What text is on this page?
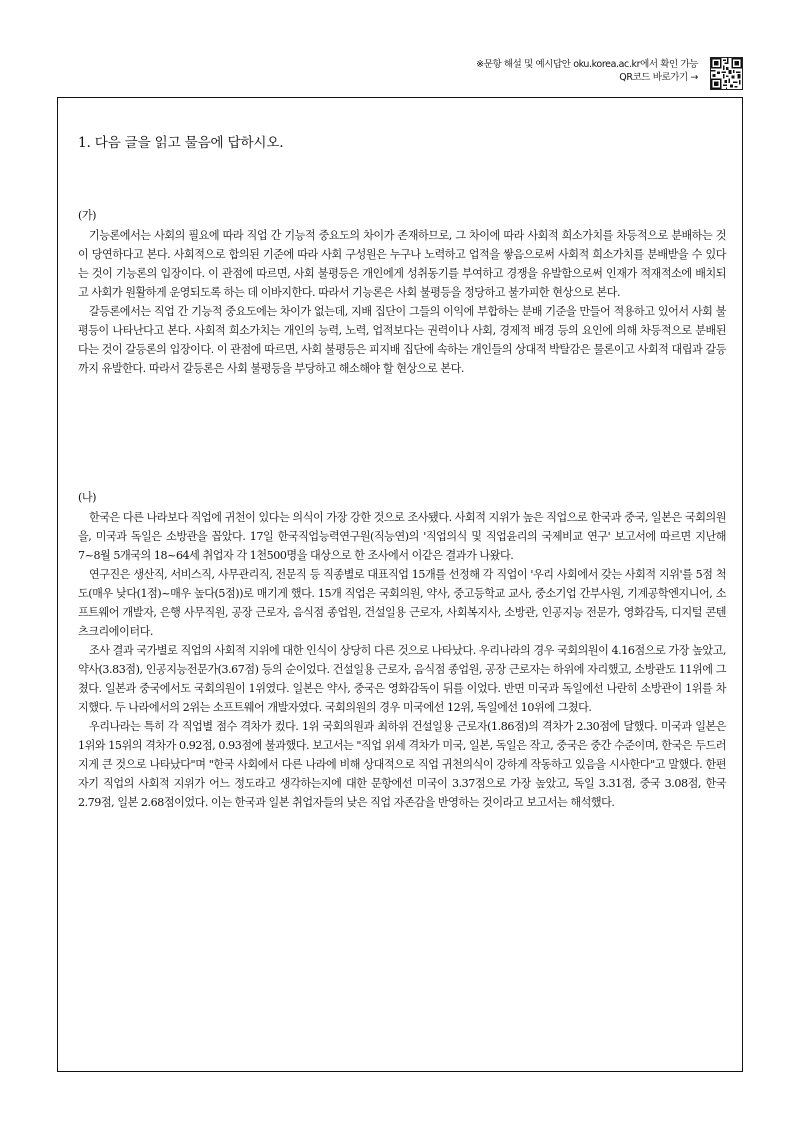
※문항 해설 및 예시답안 oku.korea.ac.kr에서 확인 가능
QR코드 바로가기 →
1. 다음 글을 읽고 물음에 답하시오.
(가)

기능론에서는 사회의 필요에 따라 직업 간 기능적 중요도의 차이가 존재하므로, 그 차이에 따라 사회적 희소가치를 차등적으로 분배하는 것이 당연하다고 본다. 사회적으로 합의된 기준에 따라 사회 구성원은 누구나 노력하고 업적을 쌓음으로써 사회적 희소가치를 분배받을 수 있다는 것이 기능론의 입장이다. 이 관점에 따르면, 사회 불평등은 개인에게 성취동기를 부여하고 경쟁을 유발함으로써 인재가 적재적소에 배치되고 사회가 원활하게 운영되도록 하는 데 이바지한다. 따라서 기능론은 사회 불평등을 정당하고 불가피한 현상으로 본다.

갈등론에서는 직업 간 기능적 중요도에는 차이가 없는데, 지배 집단이 그들의 이익에 부합하는 분배 기준을 만들어 적용하고 있어서 사회 불평등이 나타난다고 본다. 사회적 희소가치는 개인의 능력, 노력, 업적보다는 권력이나 사회, 경제적 배경 등의 요인에 의해 차등적으로 분배된다는 것이 갈등론의 입장이다. 이 관점에 따르면, 사회 불평등은 피지배 집단에 속하는 개인들의 상대적 박탈감은 물론이고 사회적 대립과 갈등까지 유발한다. 따라서 갈등론은 사회 불평등을 부당하고 해소해야 할 현상으로 본다.

(나)

한국은 다른 나라보다 직업에 귀천이 있다는 의식이 가장 강한 것으로 조사됐다. 사회적 지위가 높은 직업으로 한국과 중국, 일본은 국회의원을, 미국과 독일은 소방관을 꼽았다. 17일 한국직업능력연구원(직능연)의 '직업의식 및 직업윤리의 국제비교 연구' 보고서에 따르면 지난해 7~8월 5개국의 18~64세 취업자 각 1천500명을 대상으로 한 조사에서 이같은 결과가 나왔다.

연구진은 생산직, 서비스직, 사무관리직, 전문직 등 직종별로 대표직업 15개를 선정해 각 직업이 '우리 사회에서 갖는 사회적 지위'를 5점 척도(매우 낮다(1점)~매우 높다(5점))로 매기게 했다. 15개 직업은 국회의원, 약사, 중고등학교 교사, 중소기업 간부사원, 기계공학엔지니어, 소프트웨어 개발자, 은행 사무직원, 공장 근로자, 음식점 종업원, 건설일용 근로자, 사회복지사, 소방관, 인공지능 전문가, 영화감독, 디지털 콘텐츠크리에이터다.

조사 결과 국가별로 직업의 사회적 지위에 대한 인식이 상당히 다른 것으로 나타났다. 우리나라의 경우 국회의원이 4.16점으로 가장 높았고, 약사(3.83점), 인공지능전문가(3.67점) 등의 순이었다. 건설일용 근로자, 음식점 종업원, 공장 근로자는 하위에 자리했고, 소방관도 11위에 그쳤다. 일본과 중국에서도 국회의원이 1위였다. 일본은 약사, 중국은 영화감독이 뒤를 이었다. 반면 미국과 독일에선 나란히 소방관이 1위를 차지했다. 두 나라에서의 2위는 소프트웨어 개발자였다. 국회의원의 경우 미국에선 12위, 독일에선 10위에 그쳤다.

우리나라는 특히 각 직업별 점수 격차가 컸다. 1위 국회의원과 최하위 건설일용 근로자(1.86점)의 격차가 2.30점에 달했다. 미국과 일본은 1위와 15위의 격차가 0.92점, 0.93점에 불과했다. 보고서는 "직업 위세 격차가 미국, 일본, 독일은 작고, 중국은 중간 수준이며, 한국은 두드러지게 큰 것으로 나타났다"며 "한국 사회에서 다른 나라에 비해 상대적으로 직업 귀천의식이 강하게 작동하고 있음을 시사한다"고 말했다. 한편 자기 직업의 사회적 지위가 어느 정도라고 생각하는지에 대한 문항에선 미국이 3.37점으로 가장 높았고, 독일 3.31점, 중국 3.08점, 한국 2.79점, 일본 2.68점이었다. 이는 한국과 일본 취업자들의 낮은 직업 자존감을 반영하는 것이라고 보고서는 해석했다.
